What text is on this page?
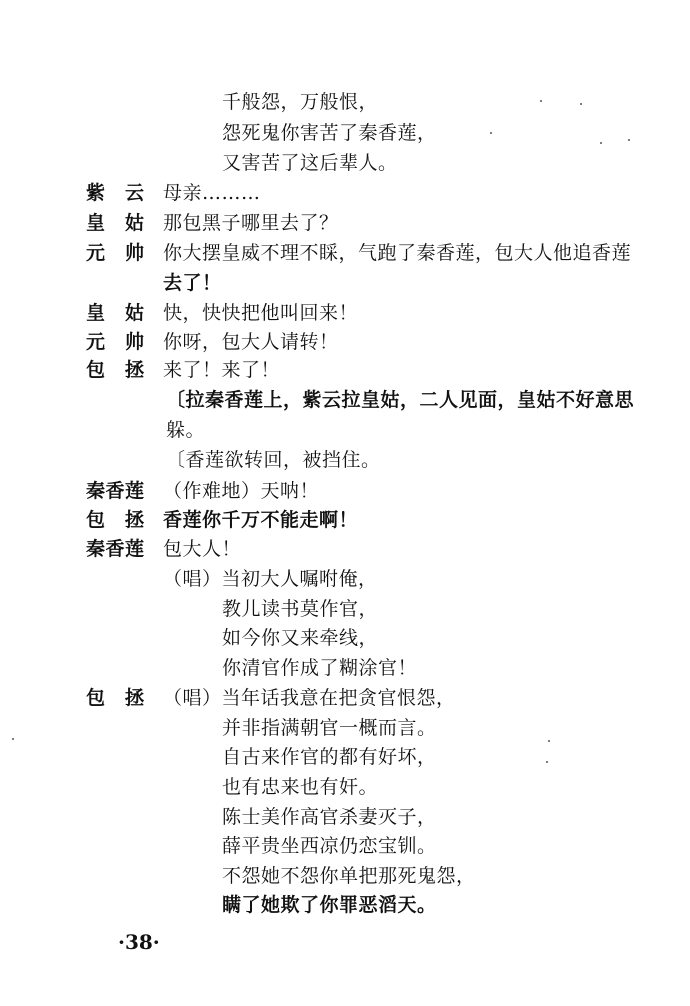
千般怨，万般恨，
怨死鬼你害苦了秦香莲，
又害苦了这后辈人。
紫　云 母亲………
皇　姑 那包黑子哪里去了？
元　帅 你大摆皇威不理不睬，气跑了秦香莲，包大人他追香莲
去了！
皇　姑 快，快快把他叫回来！
元　帅 你呀，包大人请转！
包　拯 来了！来了！
〔拉秦香莲上，紫云拉皇姑，二人见面，皇姑不好意思
躲。
〔香莲欲转回，被挡住。
秦香莲 （作难地）天呐！
包　拯 香莲你千万不能走啊！
秦香莲 包大人！
（唱）当初大人嘱咐俺，
教儿读书莫作官，
如今你又来牵线，
你清官作成了糊涂官！
包　拯 （唱）当年话我意在把贪官恨怨，
并非指满朝官一概而言。
自古来作官的都有好坏，
也有忠来也有奸。
陈士美作高官杀妻灭子，
薛平贵坐西凉仍恋宝钏。
不怨她不怨你单把那死鬼怨，
瞒了她欺了你罪恶滔天。
·38·
